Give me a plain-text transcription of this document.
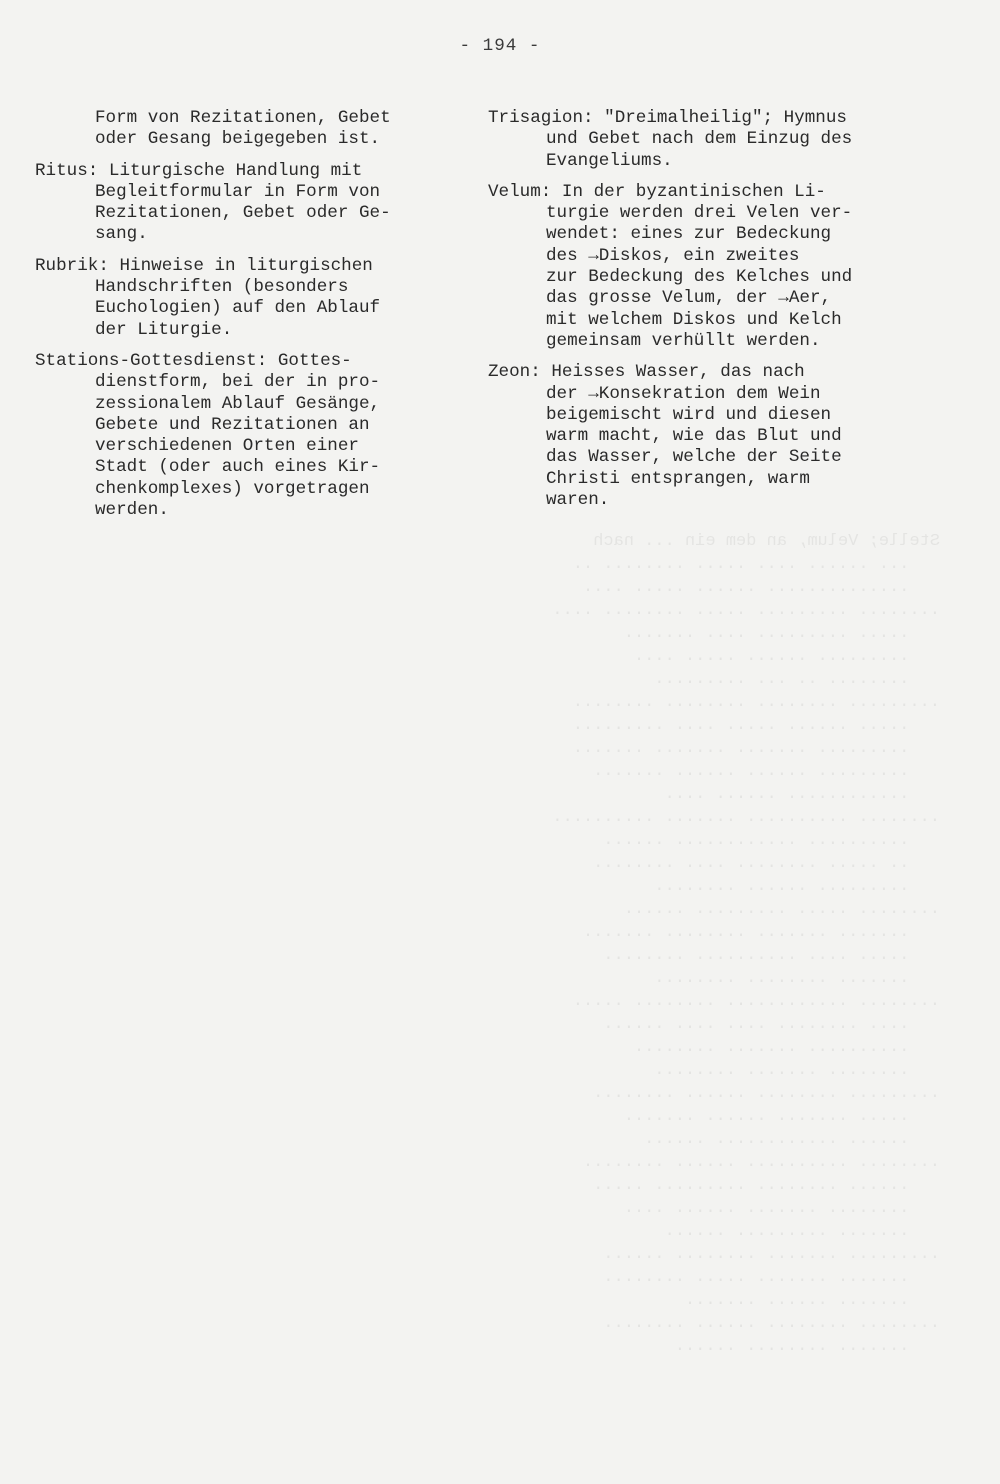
Stelle; Velum, an dem ein ... nach
... ...... .... ..... ........ ..
.............. ...... ..... ....
........ ......... ..... ........ ....
..... ......... .... .......
......... ...... ..... ....
........ .. ... .........
......... ........ ........ ........
..... ...... ..... .... .........
......... ....... ....... .......
......... ...... ...... .......
............ ...... ....
........ .......... ....... ..........
.......... ............ ......
.. ..... ........ .... ........
......... ...... ........
........ ..... ......... ......
....... ....... ........ .......
..... .... .......... ........
....... ........ ........
........ ............ ........ .....
.... ........ .... .... ......
.......... ....... ........
........ ....... ........
......... ........ ...... ........
..... ....... ...... .......
...... ............ ......
........ .......... ...... ........
...... ........ ......... .....
........ ....... ...... ....
....... ......... ......
......... ....... ........ ......
....... ....... ..... ........
....... ...... .......
........ ........ ...... ........
....... ........ ......
- 194 -
Form von Rezitationen, Gebet
oder Gesang beigegeben ist.
Ritus: Liturgische Handlung mit
Begleitformular in Form von
Rezitationen, Gebet oder Ge-
sang.
Rubrik: Hinweise in liturgischen
Handschriften (besonders
Euchologien) auf den Ablauf
der Liturgie.
Stations-Gottesdienst: Gottes-
dienstform, bei der in pro-
zessionalem Ablauf Gesänge,
Gebete und Rezitationen an
verschiedenen Orten einer
Stadt (oder auch eines Kir-
chenkomplexes) vorgetragen
werden.
Trisagion: "Dreimalheilig"; Hymnus
und Gebet nach dem Einzug des
Evangeliums.
Velum: In der byzantinischen Li-
turgie werden drei Velen ver-
wendet: eines zur Bedeckung
des →Diskos, ein zweites
zur Bedeckung des Kelches und
das grosse Velum, der →Aer,
mit welchem Diskos und Kelch
gemeinsam verhüllt werden.
Zeon: Heisses Wasser, das nach
der →Konsekration dem Wein
beigemischt wird und diesen
warm macht, wie das Blut und
das Wasser, welche der Seite
Christi entsprangen, warm
waren.
